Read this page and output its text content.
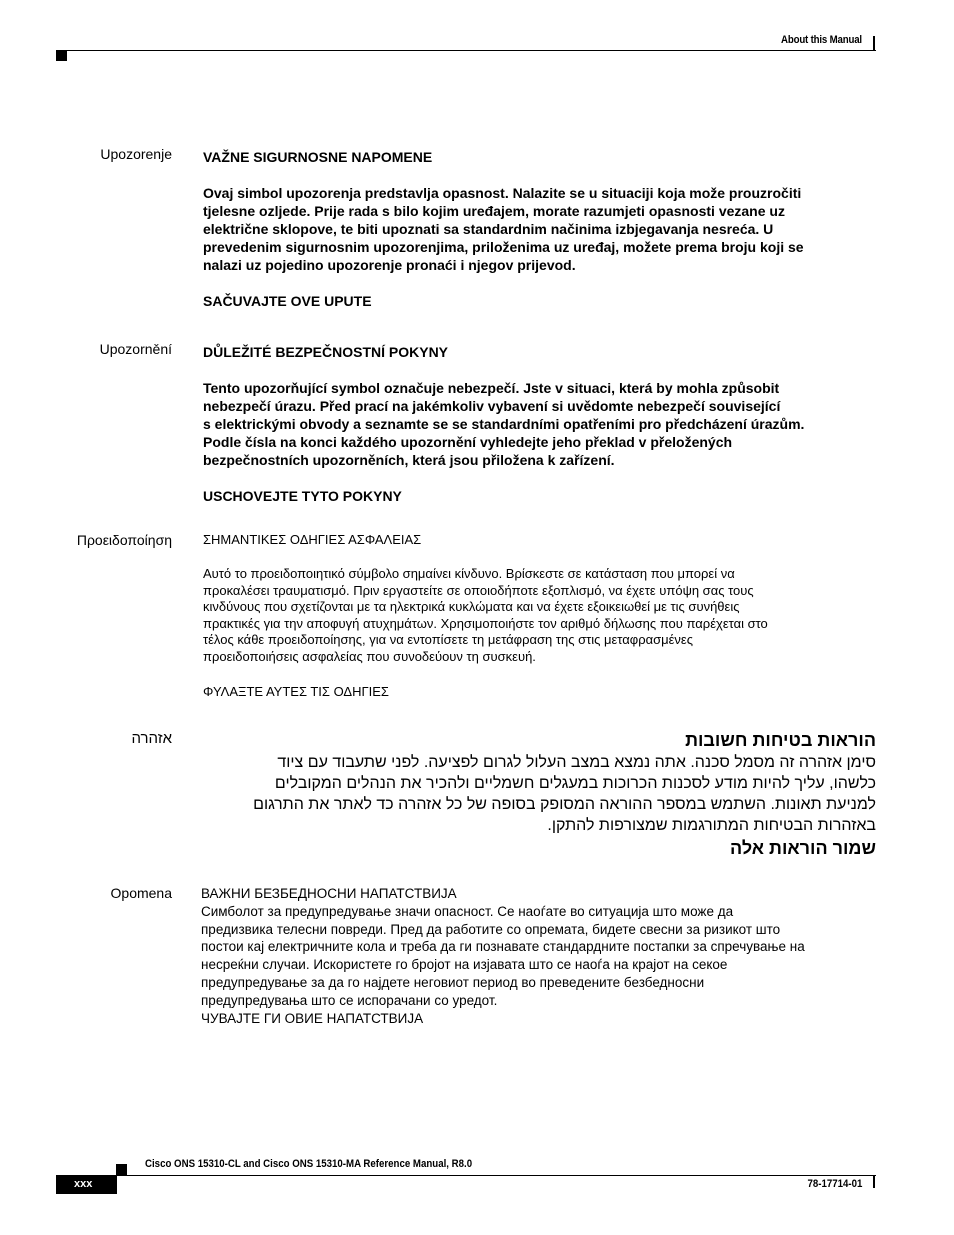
About this Manual
Upozorenje VAŽNE SIGURNOSNE NAPOMENE

Ovaj simbol upozorenja predstavlja opasnost. Nalazite se u situaciji koja može prouzročiti

tjelesne ozljede. Prije rada s bilo kojim uređajem, morate razumjeti opasnosti vezane uz

električne sklopove, te biti upoznati sa standardnim načinima izbjegavanja nesreća. U

prevedenim sigurnosnim upozorenjima, priloženima uz uređaj, možete prema broju koji se

nalazi uz pojedino upozorenje pronaći i njegov prijevod.

SAČUVAJTE OVE UPUTE

Upozornění DŮLEŽITÉ BEZPEČNOSTNÍ POKYNY

Tento upozorňující symbol označuje nebezpečí. Jste v situaci, která by mohla způsobit

nebezpečí úrazu. Před prací na jakémkoliv vybavení si uvědomte nebezpečí související

s elektrickými obvody a seznamte se se standardními opatřeními pro předcházení úrazům.

Podle čísla na konci každého upozornění vyhledejte jeho překlad v přeložených

bezpečnostních upozorněních, která jsou přiložena k zařízení.

USCHOVEJTE TYTO POKYNY

Προειδοποίηση ΣΗΜΑΝΤΙΚΕΣ ΟΔΗΓΙΕΣ ΑΣΦΑΛΕΙΑΣ

Αυτό το προειδοποιητικό σύμβολο σημαίνει κίνδυνο. Βρίσκεστε σε κατάσταση που μπορεί να

προκαλέσει τραυματισμό. Πριν εργαστείτε σε οποιοδήποτε εξοπλισμό, να έχετε υπόψη σας τους

κινδύνους που σχετίζονται με τα ηλεκτρικά κυκλώματα και να έχετε εξοικειωθεί με τις συνήθεις

πρακτικές για την αποφυγή ατυχημάτων. Χρησιμοποιήστε τον αριθμό δήλωσης που παρέχεται στο

τέλος κάθε προειδοποίησης, για να εντοπίσετε τη μετάφραση της στις μεταφρασμένες

προειδοποιήσεις ασφαλείας που συνοδεύουν τη συσκευή.

ΦΥΛΑΞΤΕ ΑΥΤΕΣ ΤΙΣ ΟΔΗΓΙΕΣ

אזהרה	הוראות בטיחות חשובות

סימן אזהרה זה מסמל סכנה. אתה נמצא במצב העלול לגרום לפציעה. לפני שתעבוד עם ציוד

כלשהו, עליך להיות מודע לסכנות הכרוכות במעגלים חשמליים ולהכיר את הנהלים המקובלים

למניעת תאונות. השתמש במספר ההוראה המסופק בסופה של כל אזהרה כד לאתר את התרגום

באזהרות הבטיחות המתורגמות שמצורפות להתקן.

שמור הוראות אלה

Opomena ВАЖНИ БЕЗБЕДНОСНИ НАПАТСТВИЈА

Симболот за предупредување значи опасност. Се наоѓате во ситуација што може да

предизвика телесни повреди. Пред да работите со опремата, бидете свесни за ризикот што

постои кај електричните кола и треба да ги познавате стандардните постапки за спречување на

несреќни случаи. Искористете го бројот на изјавата што се наоѓа на крајот на секое

предупредување за да го најдете неговиот период во преведените безбедносни

предупредувања што се испорачани со уредот.

ЧУВАЈТЕ ГИ ОВИЕ НАПАТСТВИЈА

Cisco ONS 15310-CL and Cisco ONS 15310-MA Reference Manual, R8.0
xxx	78-17714-01
